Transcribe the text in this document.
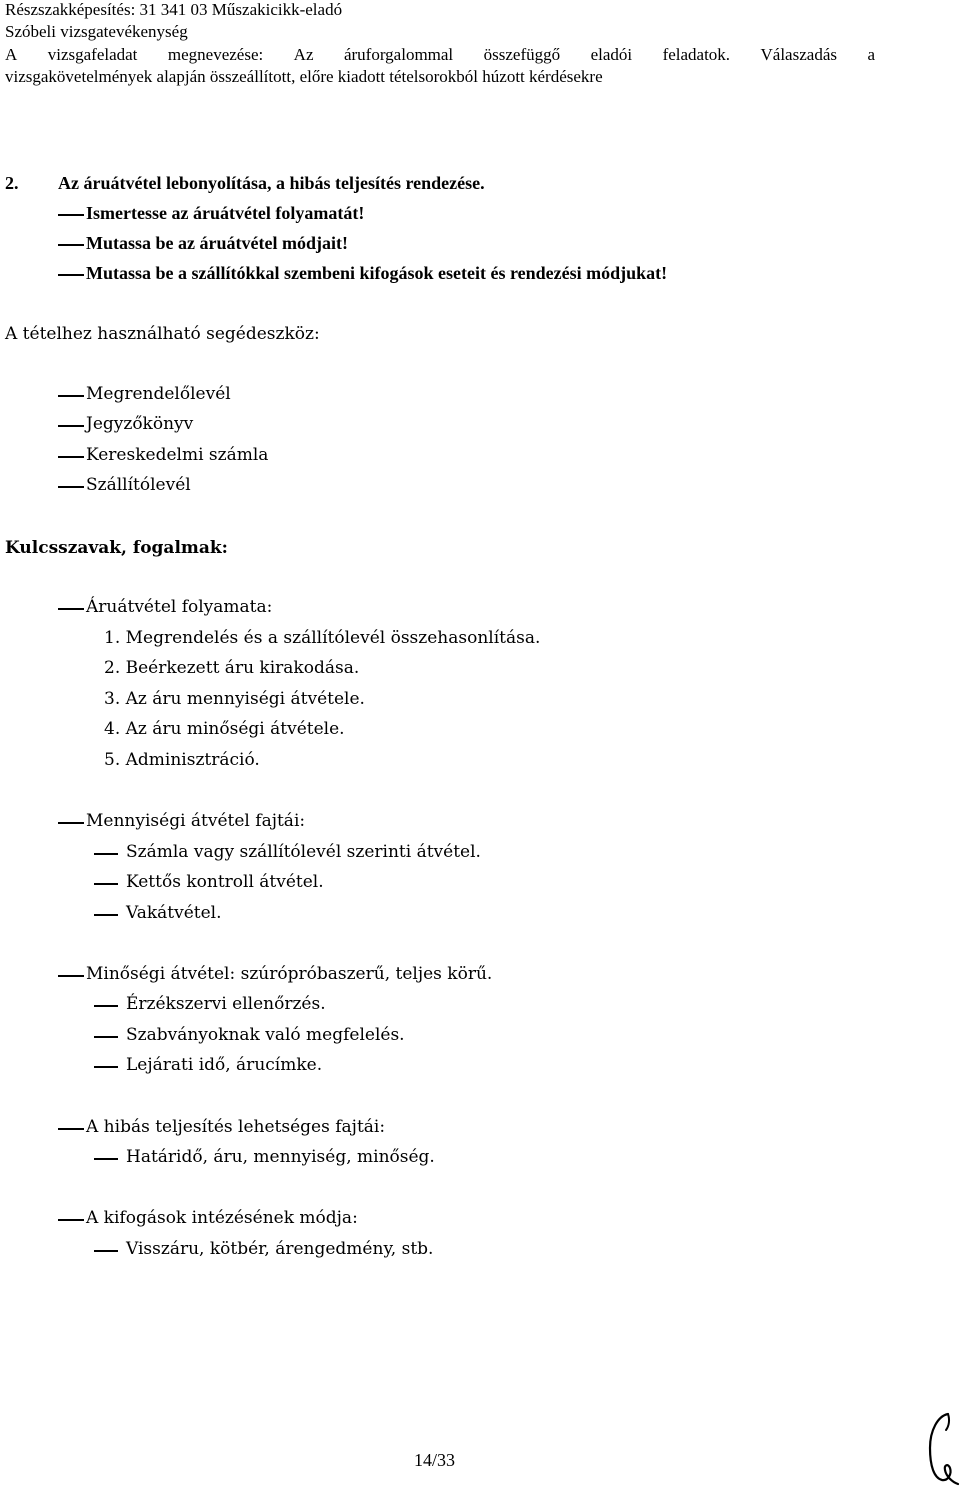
Részszakképesítés: 31 341 03 Műszakicikk-eladó
Szóbeli vizsgatevékenység
A vizsgafeladat megnevezése: Az áruforgalommal összefüggő eladói feladatok. Válaszadás a
vizsgakövetelmények alapján összeállított, előre kiadott tételsorokból húzott kérdésekre
2. Az áruátvétel lebonyolítása, a hibás teljesítés rendezése.
Ismertesse az áruátvétel folyamatát!
Mutassa be az áruátvétel módjait!
Mutassa be a szállítókkal szembeni kifogások eseteit és rendezési módjukat!
A tételhez használható segédeszköz:
Megrendelőlevél
Jegyzőkönyv
Kereskedelmi számla
Szállítólevél
Kulcsszavak, fogalmak:
Áruátvétel folyamata:
1. Megrendelés és a szállítólevél összehasonlítása.
2. Beérkezett áru kirakodása.
3. Az áru mennyiségi átvétele.
4. Az áru minőségi átvétele.
5. Adminisztráció.
Mennyiségi átvétel fajtái:
Számla vagy szállítólevél szerinti átvétel.
Kettős kontroll átvétel.
Vakátvétel.
Minőségi átvétel: szúrópróbaszerű, teljes körű.
Érzékszervi ellenőrzés.
Szabványoknak való megfelelés.
Lejárati idő, árucímke.
A hibás teljesítés lehetséges fajtái:
Határidő, áru, mennyiség, minőség.
A kifogások intézésének módja:
Visszáru, kötbér, árengedmény, stb.
14/33
